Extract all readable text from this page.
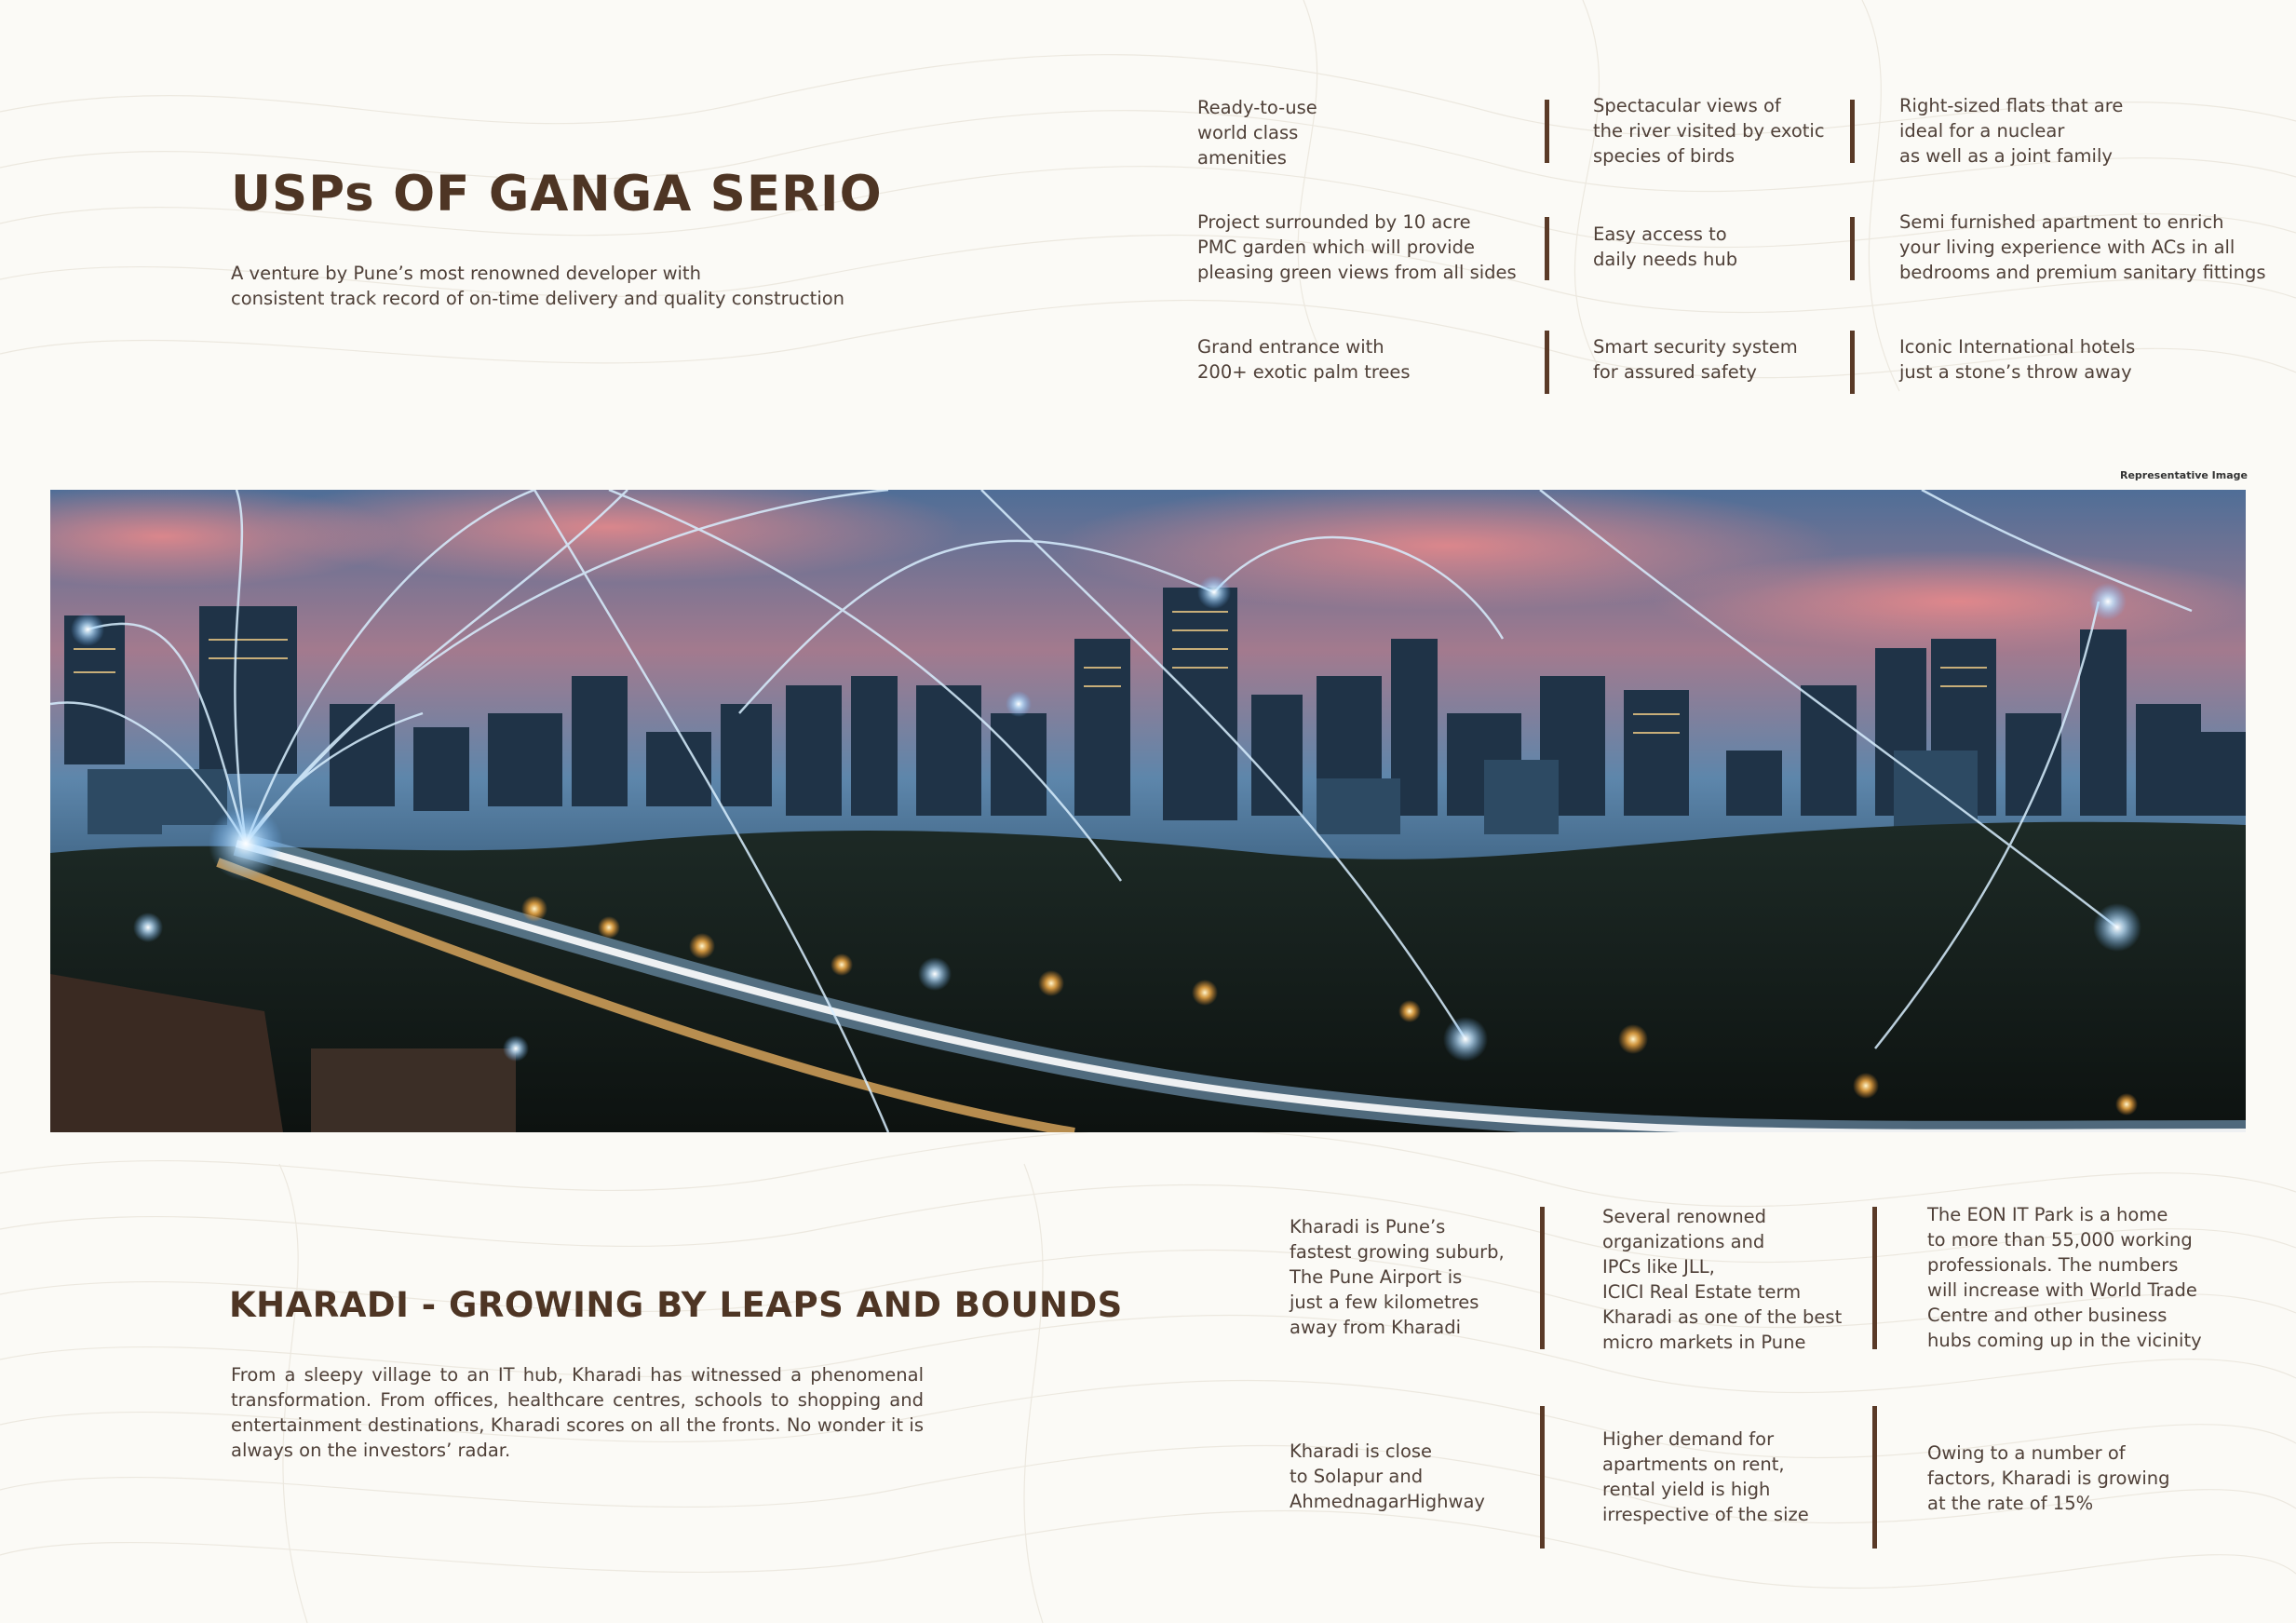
USPs OF GANGA SERIO
A venture by Pune’s most renowned developer with
consistent track record of on-time delivery and quality construction
Ready-to-use
world class
amenities
Spectacular views of
the river visited by exotic
species of birds
Right-sized flats that are
ideal for a nuclear
as well as a joint family
Project surrounded by 10 acre
PMC garden which will provide
pleasing green views from all sides
Easy access to
daily needs hub
Semi furnished apartment to enrich
your living experience with ACs in all
bedrooms and premium sanitary fittings
Grand entrance with
200+ exotic palm trees
Smart security system
for assured safety
Iconic International hotels
just a stone’s throw away
Representative Image
KHARADI - GROWING BY LEAPS AND BOUNDS
From a sleepy village to an IT hub, Kharadi has witnessed a phenomenal transformation. From offices, healthcare centres, schools to shopping and entertainment destinations, Kharadi scores on all the fronts. No wonder it is always on the investors’ radar.
Kharadi is Pune’s
fastest growing suburb,
The Pune Airport is
just a few kilometres
away from Kharadi
Several renowned
organizations and
IPCs like JLL,
ICICI Real Estate term
Kharadi as one of the best
micro markets in Pune
The EON IT Park is a home
to more than 55,000 working
professionals. The numbers
will increase with World Trade
Centre and other business
hubs coming up in the vicinity
Kharadi is close
to Solapur and
AhmednagarHighway
Higher demand for
apartments on rent,
rental yield is high
irrespective of the size
Owing to a number of
factors, Kharadi is growing
at the rate of 15%
